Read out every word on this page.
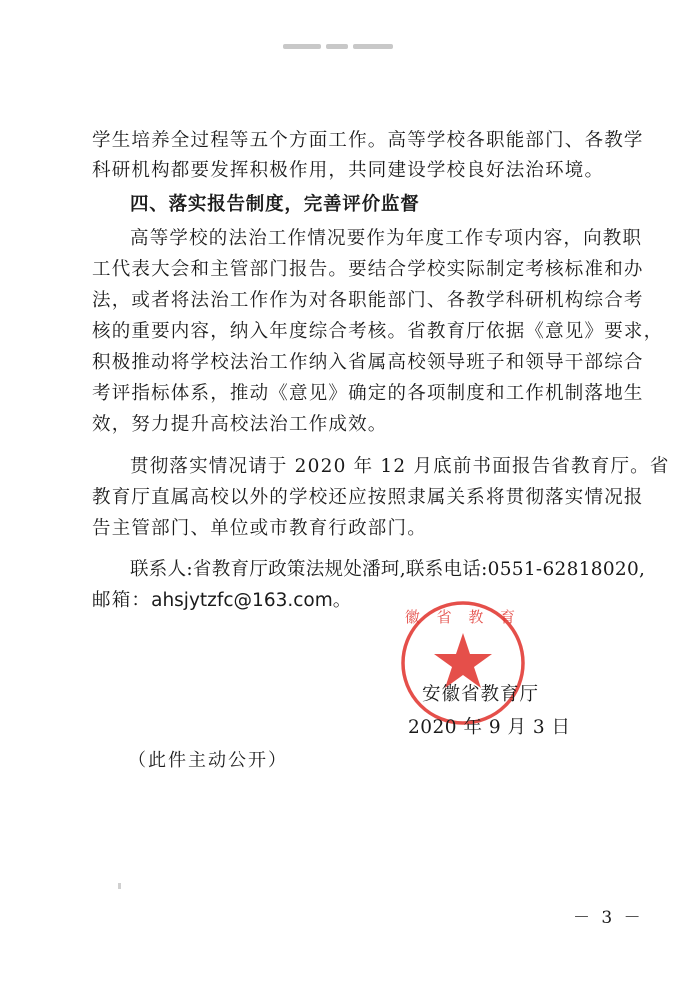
学生培养全过程等五个方面工作。高等学校各职能部门、各教学
科研机构都要发挥积极作用，共同建设学校良好法治环境。
四、落实报告制度，完善评价监督
高等学校的法治工作情况要作为年度工作专项内容，向教职
工代表大会和主管部门报告。要结合学校实际制定考核标准和办
法，或者将法治工作作为对各职能部门、各教学科研机构综合考
核的重要内容，纳入年度综合考核。省教育厅依据《意见》要求，
积极推动将学校法治工作纳入省属高校领导班子和领导干部综合
考评指标体系，推动《意见》确定的各项制度和工作机制落地生
效，努力提升高校法治工作成效。
贯彻落实情况请于 2020 年 12 月底前书面报告省教育厅。省
教育厅直属高校以外的学校还应按照隶属关系将贯彻落实情况报
告主管部门、单位或市教育行政部门。
联系人:省教育厅政策法规处潘珂,联系电话:0551-62818020,
邮箱：ahsjytzfc@163.com。
徽 省 教 育
安徽省教育厅
2020 年 9 月 3 日
（此件主动公开）
－ 3 －
